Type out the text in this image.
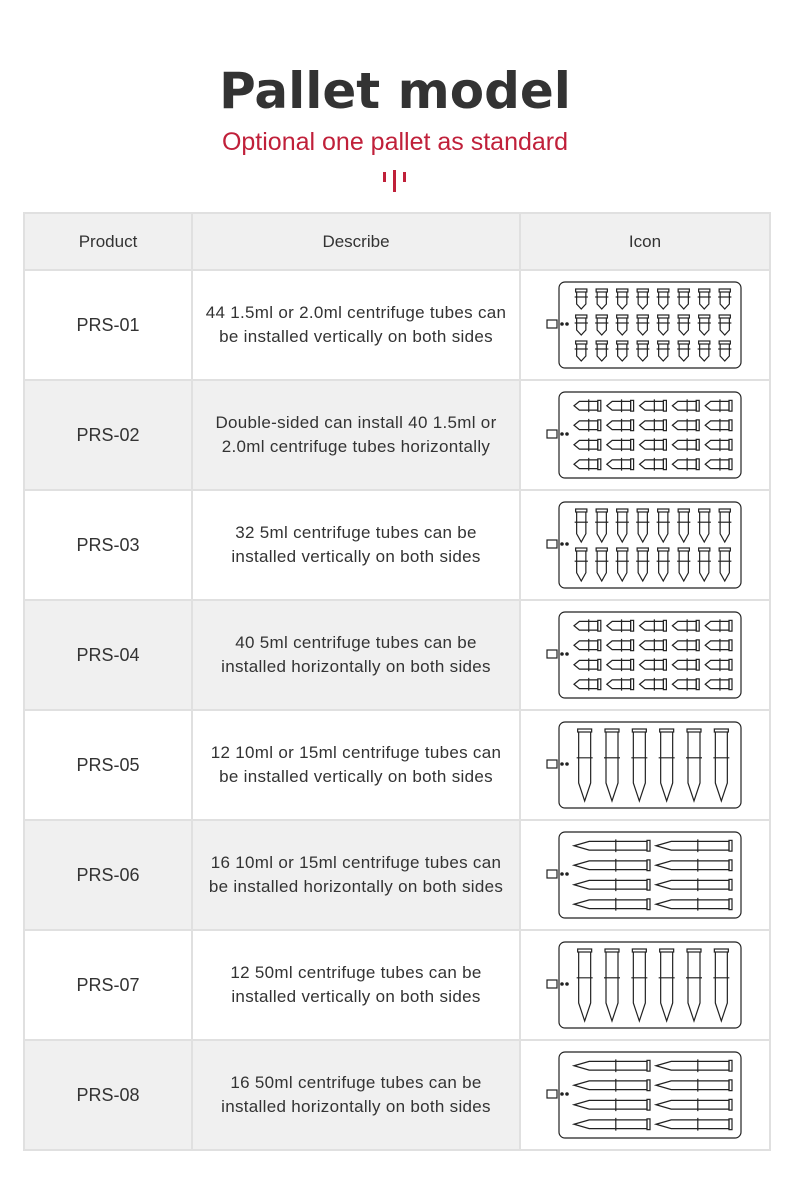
Pallet model
Optional one pallet as standard
Product	Describe	Icon
PRS-01	44 1.5ml or 2.0ml centrifuge tubes can be installed vertically on both sides	

PRS-02	Double-sided can install 40 1.5ml or 2.0ml centrifuge tubes horizontally	

PRS-03	32 5ml centrifuge tubes can be installed vertically on both sides	

PRS-04	40 5ml centrifuge tubes can be installed horizontally on both sides	

PRS-05	12 10ml or 15ml centrifuge tubes can be installed vertically on both sides	

PRS-06	16 10ml or 15ml centrifuge tubes can be installed horizontally on both sides	

PRS-07	12 50ml centrifuge tubes can be installed vertically on both sides	

PRS-08	16 50ml centrifuge tubes can be installed horizontally on both sides	
